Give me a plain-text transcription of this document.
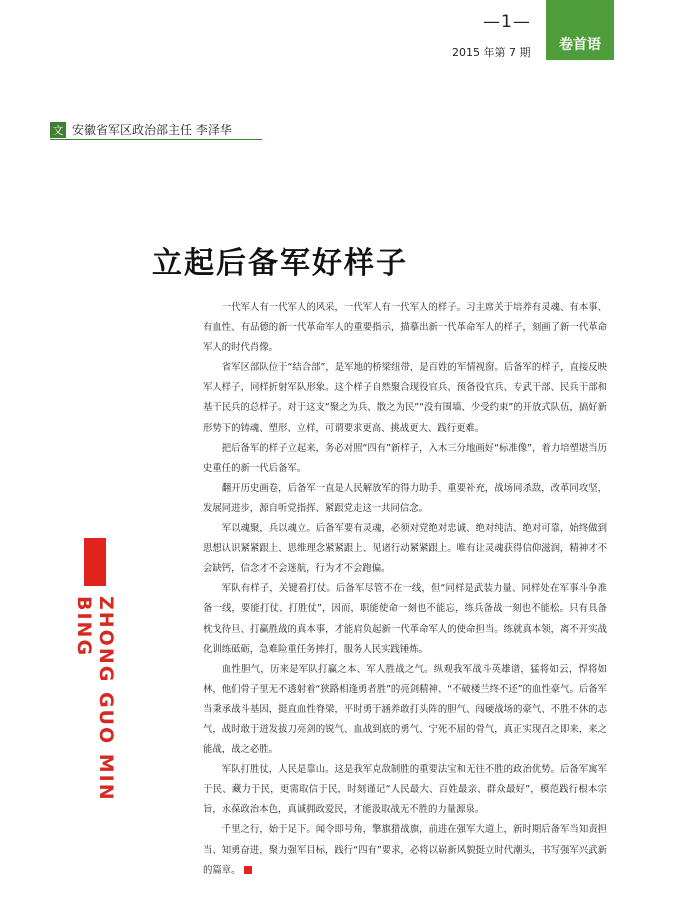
—1—
2015 年第 7 期 卷首语
文 安徽省军区政治部主任 李泽华
立起后备军好样子
ZHONG GUO MIN BING

一代军人有一代军人的风采，一代军人有一代军人的样子。习主席关于培养有灵魂、有本事、有血性、有品德的新一代革命军人的重要指示，描摹出新一代革命军人的样子，刻画了新一代革命军人的时代肖像。

省军区部队位于“结合部”，是军地的桥梁纽带，是百姓的军情视窗。后备军的样子，直接反映军人样子，同样折射军队形象。这个样子自然聚合现役官兵、预备役官兵、专武干部、民兵干部和基干民兵的总样子。对于这支“聚之为兵、散之为民”“没有围墙、少受约束”的开放式队伍，搞好新形势下的铸魂、塑形、立样，可谓要求更高、挑战更大、践行更难。

把后备军的样子立起来，务必对照“四有”新样子，入木三分地画好“标准像”，着力培塑堪当历史重任的新一代后备军。

翻开历史画卷，后备军一直是人民解放军的得力助手、重要补充，战场同杀敌，改革同攻坚，发展同进步，源自听党指挥、紧跟党走这一共同信念。

军以魂聚，兵以魂立。后备军要有灵魂，必须对党绝对忠诚、绝对纯洁、绝对可靠，始终做到思想认识紧紧跟上、思维理念紧紧跟上、见诸行动紧紧跟上。唯有让灵魂获得信仰滋润，精神才不会缺钙，信念才不会迷航，行为才不会跑偏。

军队有样子，关键看打仗。后备军尽管不在一线，但“同样是武装力量、同样处在军事斗争准备一线，要能打仗、打胜仗”，因而，职能使命一刻也不能忘，练兵备战一刻也不能松。只有具备枕戈待旦、打赢胜战的真本事，才能肩负起新一代革命军人的使命担当。练就真本领，离不开实战化训练砥砺，急难险重任务摔打，服务人民实践锤炼。

血性胆气，历来是军队打赢之本、军人胜战之气。纵观我军战斗英雄谱，猛将如云，悍将如林，他们骨子里无不透射着“狭路相逢勇者胜”的亮剑精神、“不破楼兰终不还”的血性豪气。后备军当秉承战斗基因，挺直血性脊梁，平时勇于涵养敢打头阵的胆气、闯硬战场的豪气、不胜不休的志气，战时敢于迸发拔刀亮剑的锐气、血战到底的勇气、宁死不屈的骨气，真正实现召之即来，来之能战，战之必胜。

军队打胜仗，人民是靠山。这是我军克敌制胜的重要法宝和无往不胜的政治优势。后备军寓军于民、藏力于民，更需取信于民，时刻谨记“人民最大、百姓最亲、群众最好”，模范践行根本宗旨，永葆政治本色，真诚拥政爱民，才能汲取战无不胜的力量源泉。

千里之行，始于足下。闻令即号角，擎旗猎战旗，前进在强军大道上，新时期后备军当知责担当、知勇奋进，聚力强军目标，践行“四有”要求，必将以崭新风貌挺立时代潮头，书写强军兴武新的篇章。
